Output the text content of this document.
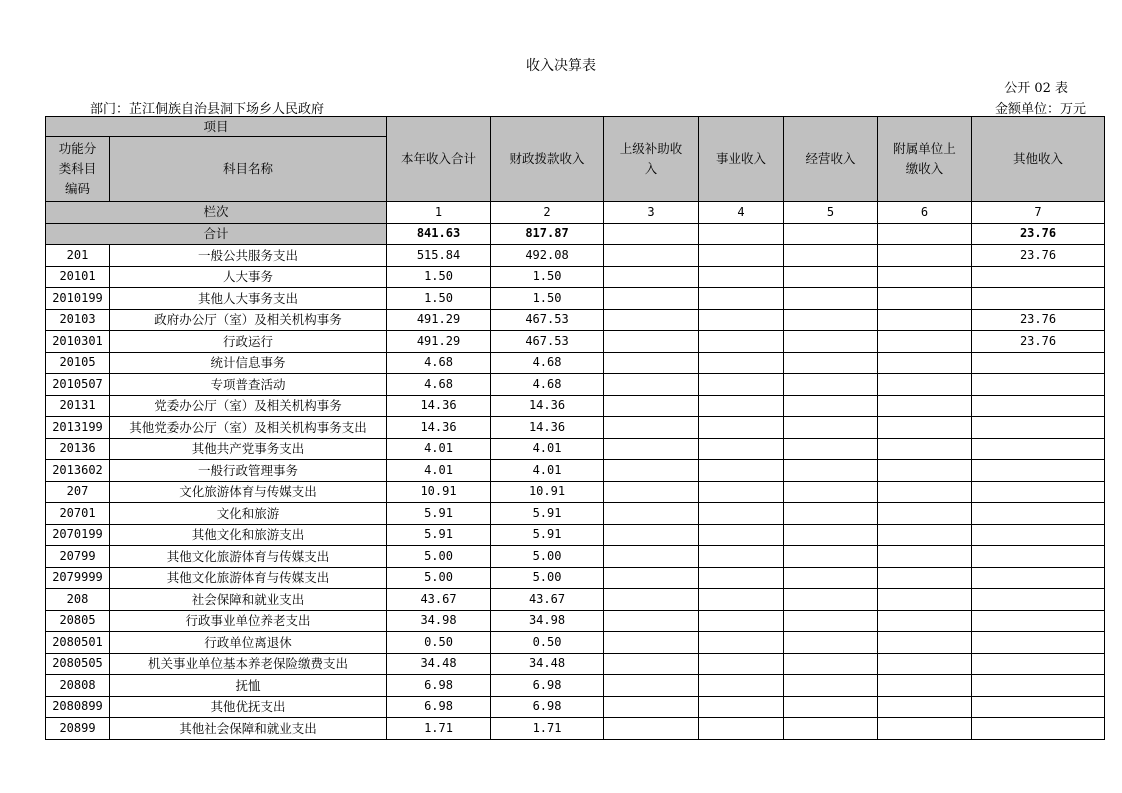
收入决算表
公开 02 表
部门：芷江侗族自治县洞下场乡人民政府	金额单位：万元
项目		本年收入合计	财政拨款收入	上级补助收入	事业收入	经营收入	附属单位上缴收入	其他收入
功能分类科目编码	科目名称							
栏次		1	2	3	4	5	6	7
合计		841.63	817.87					23.76
201	一般公共服务支出	515.84	492.08					23.76
20101	人大事务	1.50	1.50					
2010199	其他人大事务支出	1.50	1.50					
20103	政府办公厅（室）及相关机构事务	491.29	467.53					23.76
2010301	行政运行	491.29	467.53					23.76
20105	统计信息事务	4.68	4.68					
2010507	专项普查活动	4.68	4.68					
20131	党委办公厅（室）及相关机构事务	14.36	14.36					
2013199	其他党委办公厅（室）及相关机构事务支出	14.36	14.36					
20136	其他共产党事务支出	4.01	4.01					
2013602	一般行政管理事务	4.01	4.01					
207	文化旅游体育与传媒支出	10.91	10.91					
20701	文化和旅游	5.91	5.91					
2070199	其他文化和旅游支出	5.91	5.91					
20799	其他文化旅游体育与传媒支出	5.00	5.00					
2079999	其他文化旅游体育与传媒支出	5.00	5.00					
208	社会保障和就业支出	43.67	43.67					
20805	行政事业单位养老支出	34.98	34.98					
2080501	行政单位离退休	0.50	0.50					
2080505	机关事业单位基本养老保险缴费支出	34.48	34.48					
20808	抚恤	6.98	6.98					
2080899	其他优抚支出	6.98	6.98					
20899	其他社会保障和就业支出	1.71	1.71					
